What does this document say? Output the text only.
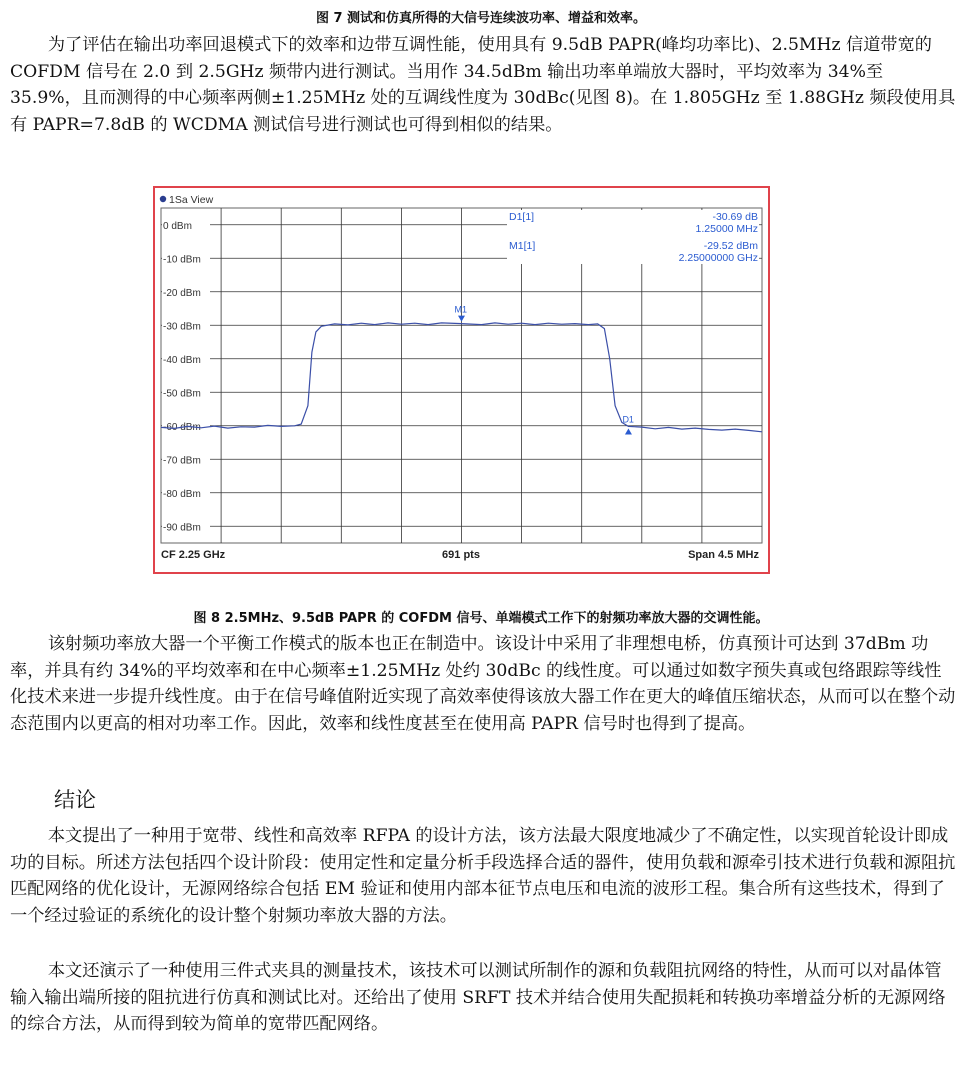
图 7 测试和仿真所得的大信号连续波功率、增益和效率。

为了评估在输出功率回退模式下的效率和边带互调性能，使用具有 9.5dB PAPR(峰均功率比)、2.5MHz 信道带宽的 COFDM 信号在 2.0 到 2.5GHz 频带内进行测试。当用作 34.5dBm 输出功率单端放大器时，平均效率为 34%至 35.9%，且而测得的中心频率两侧±1.25MHz 处的互调线性度为 30dBc(见图 8)。在 1.805GHz 至 1.88GHz 频段使用具有 PAPR=7.8dB 的 WCDMA 测试信号进行测试也可得到相似的结果。

1Sa View
0 dBm
-10 dBm
-20 dBm
-30 dBm
-40 dBm
-50 dBm
-60 dBm
-70 dBm
-80 dBm
-90 dBm
M1
D1
D1[1]	-30.69 dB
1.25000 MHz
M1[1]	-29.52 dBm
2.25000000 GHz
CF 2.25 GHz	691 pts	Span 4.5 MHz
图 8 2.5MHz、9.5dB PAPR 的 COFDM 信号、单端模式工作下的射频功率放大器的交调性能。

该射频功率放大器一个平衡工作模式的版本也正在制造中。该设计中采用了非理想电桥，仿真预计可达到 37dBm 功率，并具有约 34%的平均效率和在中心频率±1.25MHz 处约 30dBc 的线性度。可以通过如数字预失真或包络跟踪等线性化技术来进一步提升线性度。由于在信号峰值附近实现了高效率使得该放大器工作在更大的峰值压缩状态，从而可以在整个动态范围内以更高的相对功率工作。因此，效率和线性度甚至在使用高 PAPR 信号时也得到了提高。

结论

本文提出了一种用于宽带、线性和高效率 RFPA 的设计方法，该方法最大限度地减少了不确定性，以实现首轮设计即成功的目标。所述方法包括四个设计阶段：使用定性和定量分析手段选择合适的器件，使用负载和源牵引技术进行负载和源阻抗匹配网络的优化设计，无源网络综合包括 EM 验证和使用内部本征节点电压和电流的波形工程。集合所有这些技术，得到了一个经过验证的系统化的设计整个射频功率放大器的方法。

本文还演示了一种使用三件式夹具的测量技术，该技术可以测试所制作的源和负载阻抗网络的特性，从而可以对晶体管输入输出端所接的阻抗进行仿真和测试比对。还给出了使用 SRFT 技术并结合使用失配损耗和转换功率增益分析的无源网络的综合方法，从而得到较为简单的宽带匹配网络。
